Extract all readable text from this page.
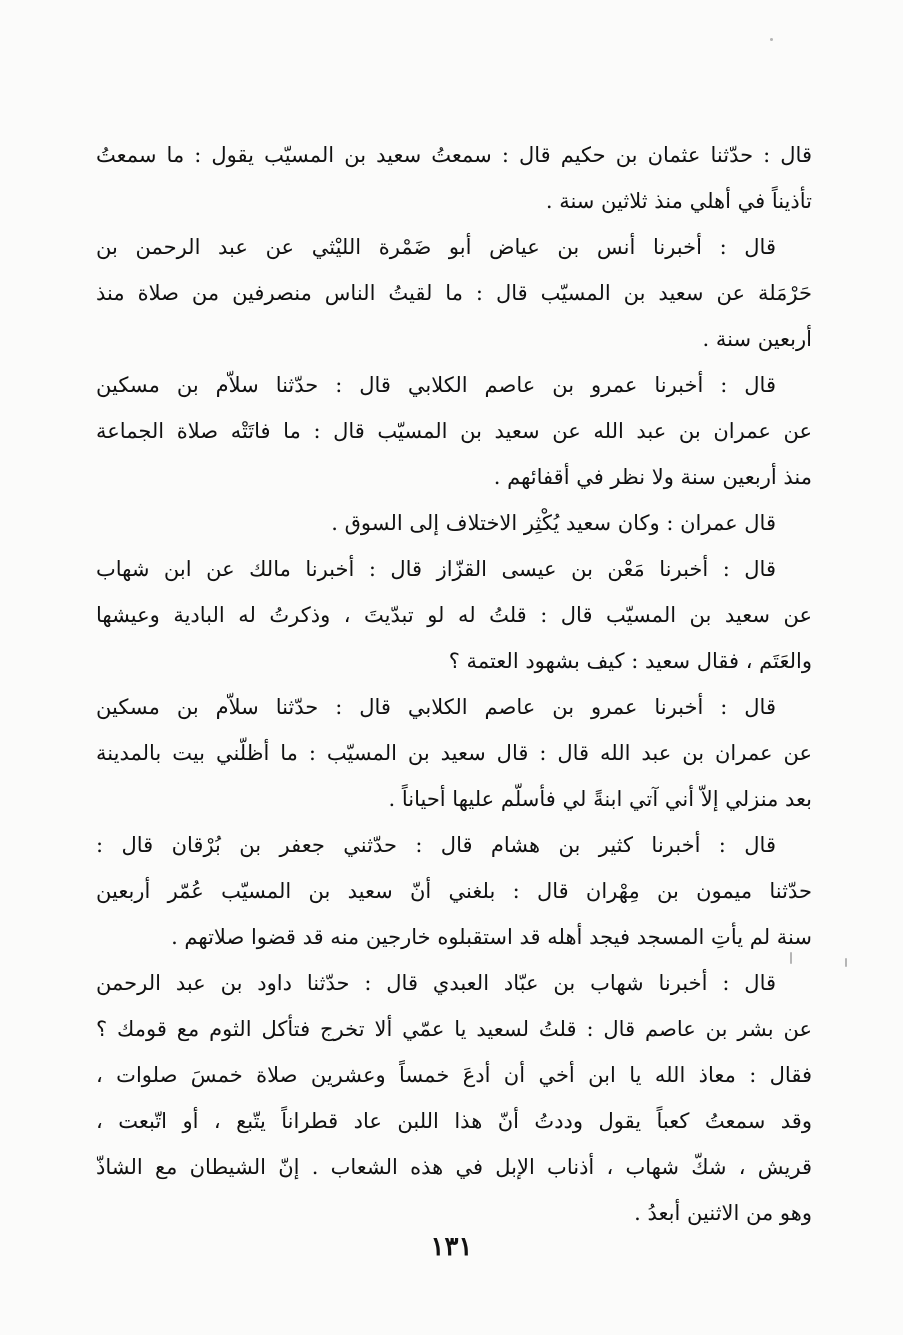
قال : حدّثنا عثمان بن حكيم قال : سمعتُ سعيد بن المسيّب يقول : ما سمعتُ
تأذيناً في أهلي منذ ثلاثين سنة .
قال : أخبرنا أنس بن عياض أبو ضَمْرة الليْثي عن عبد الرحمن بن
حَرْمَلة عن سعيد بن المسيّب قال : ما لقيتُ الناس منصرفين من صلاة منذ
أربعين سنة .
قال : أخبرنا عمرو بن عاصم الكلابي قال : حدّثنا سلاّم بن مسكين
عن عمران بن عبد الله عن سعيد بن المسيّب قال : ما فاتَتْه صلاة الجماعة
منذ أربعين سنة ولا نظر في أقفائهم .
قال عمران : وكان سعيد يُكْثِر الاختلاف إلى السوق .
قال : أخبرنا مَعْن بن عيسى القزّاز قال : أخبرنا مالك عن ابن شهاب
عن سعيد بن المسيّب قال : قلتُ له لو تبدّيتَ ، وذكرتُ له البادية وعيشها
والعَتَم ، فقال سعيد : كيف بشهود العتمة ؟
قال : أخبرنا عمرو بن عاصم الكلابي قال : حدّثنا سلاّم بن مسكين
عن عمران بن عبد الله قال : قال سعيد بن المسيّب : ما أظلّني بيت بالمدينة
بعد منزلي إلاّ أني آتي ابنةً لي فأسلّم عليها أحياناً .
قال : أخبرنا كثير بن هشام قال : حدّثني جعفر بن بُرْقان قال :
حدّثنا ميمون بن مِهْران قال : بلغني أنّ سعيد بن المسيّب عُمّر أربعين
سنة لم يأتِ المسجد فيجد أهله قد استقبلوه خارجين منه قد قضوا صلاتهم .
قال : أخبرنا شهاب بن عبّاد العبدي قال : حدّثنا داود بن عبد الرحمن
عن بشر بن عاصم قال : قلتُ لسعيد يا عمّي ألا تخرج فتأكل الثوم مع قومك ؟
فقال : معاذ الله يا ابن أخي أن أدعَ خمساً وعشرين صلاة خمسَ صلوات ،
وقد سمعتُ كعباً يقول وددتُ أنّ هذا اللبن عاد قطراناً يتّبع ، أو اتّبعت ،
قريش ، شكّ شهاب ، أذناب الإبل في هذه الشعاب . إنّ الشيطان مع الشاذّ
وهو من الاثنين أبعدُ .
١٣١
